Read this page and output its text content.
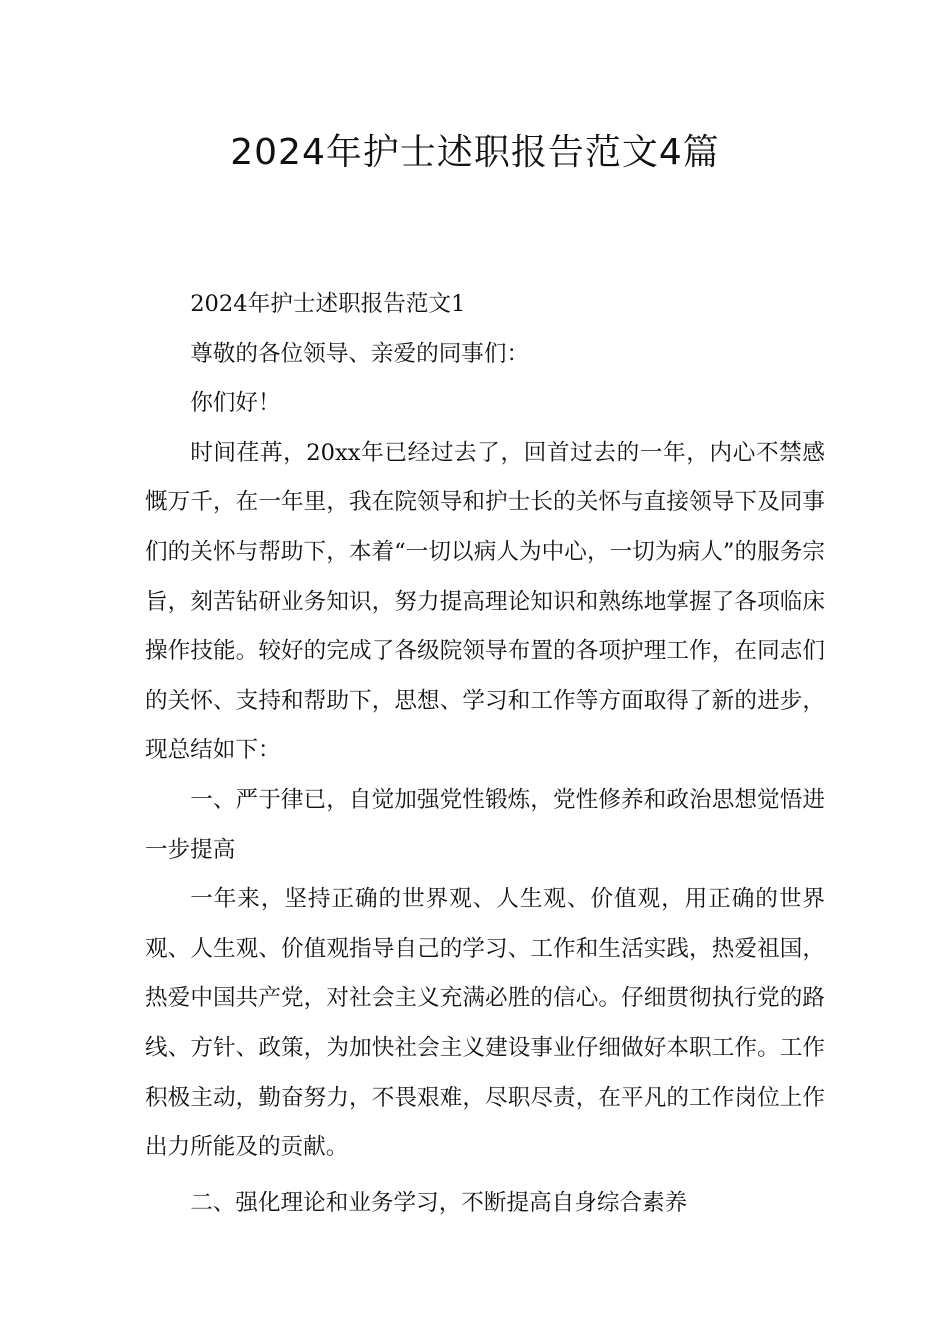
2024年护士述职报告范文4篇

2024年护士述职报告范文1

尊敬的各位领导、亲爱的同事们：

你们好！

时间荏苒，20xx年已经过去了，回首过去的一年，内心不禁感慨万千，在一年里，我在院领导和护士长的关怀与直接领导下及同事们的关怀与帮助下，本着“一切以病人为中心，一切为病人”的服务宗旨，刻苦钻研业务知识，努力提高理论知识和熟练地掌握了各项临床操作技能。较好的完成了各级院领导布置的各项护理工作，在同志们的关怀、支持和帮助下，思想、学习和工作等方面取得了新的进步，现总结如下：

一、严于律已，自觉加强党性锻炼，党性修养和政治思想觉悟进一步提高

一年来，坚持正确的世界观、人生观、价值观，用正确的世界观、人生观、价值观指导自己的学习、工作和生活实践，热爱祖国，热爱中国共产党，对社会主义充满必胜的信心。仔细贯彻执行党的路线、方针、政策，为加快社会主义建设事业仔细做好本职工作。工作积极主动，勤奋努力，不畏艰难，尽职尽责，在平凡的工作岗位上作出力所能及的贡献。

二、强化理论和业务学习，不断提高自身综合素养
